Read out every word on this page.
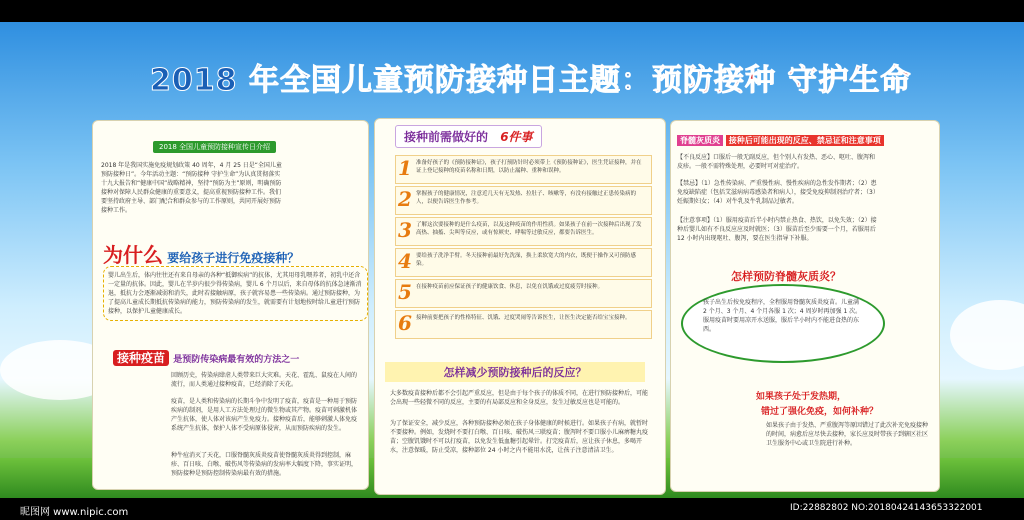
2018 年全国儿童预防接种日主题：预防接种 守护生命
2018 全国儿童预防接种宣传日介绍
2018 年是我国实施免疫规划政策 40 周年，4 月 25 日是“全国儿童预防接种日”。今年活动主题：“预防接种 守护生命”为认真贯彻落实十九大报告和“健康中国”战略精神，坚持“预防为主”原则，明确预防接种对保障人民群众健康的重要意义，提高重视预防接种工作。我们要坚持政府主导、部门配合和群众参与的工作原则，共同开展好预防接种工作。
为什么 要给孩子进行免疫接种？
婴儿出生后，体内往往还有来自母亲的各种“抵御疾病”的抗体，尤其用母乳喂养者，初乳中还含一定量的抗体。因此，婴儿在半岁内很少得传染病，婴儿 6 个月以后，来自母体的抗体急速渐消退，抵抗力会逐渐减弱和消失，此时若接触病原，孩子就容易患一些传染病。通过预防接种，为了提高儿童成长期抵抗传染病的能力，预防传染病的发生，就需要有计划地按时给儿童进行预防接种，以保护儿童健康成长。
接种疫苗 是预防传染病最有效的方法之一
回顾历史，传染病肆虐人类带来巨大灾难。天花、霍乱、鼠疫在人间的流行，而人类通过接种疫苗，已经消除了天花。
疫苗，是人类和传染病的长期斗争中发明了疫苗，疫苗是一种用于预防疾病的制剂，是用人工方法处理过的微生物或其产物。疫苗可刺激机体产生抗体，使人体对该病产生免疫力。接种疫苗后，能够刺激人体免疫系统产生抗体，保护人体不受病原体侵害，从而预防疾病的发生。
种牛痘消灭了天花，口服脊髓灰质炎疫苗使脊髓灰质炎得到控制，麻疹、百日咳、白喉、破伤风等传染病的发病率大幅度下降，事实证明，预防接种是预防控制传染病最有效的措施。
接种前需做好的 6件事
1 准备好孩子的《预防接种证》，孩子打预防针时必须带上《预防接种证》，医生凭证接种，并在证上登记接种的疫苗名称和日期，以防止漏种、重种和误种。
2 掌握孩子的健康情况，注意近几天有无发热、拉肚子、咳嗽等，有没有接触过正患传染病的人，以便告诉医生作参考。
3 了解这次要接种的是什么疫苗，以及这种疫苗的作用性质。如果孩子在前一次接种后出现了发高热、抽搐、尖叫等反应，或有惊厥史、哮喘等过敏反应，都要告诉医生。
4 要给孩子洗净手臂。冬天接种前最好先洗澡，换上柔软宽大的内衣，既便于操作又可预防感染。
5 在接种疫苗前应保证孩子的健康饮食、休息，以免在饥饿或过度疲劳时接种。
6 接种前要把孩子的性格特征、饥饿、过度哭闹等告诉医生，让医生决定能否给宝宝接种。
怎样减少预防接种后的反应？
大多数疫苗接种后都不会引起严重反应，但是由于每个孩子的体质不同，在进行预防接种后，可能会出现一些轻微不同的反应，主要的有局部反应和全身反应，发生过敏反应也是可能的。
为了保证安全，减少反应，各种预防接种必须在孩子身体健康的时候进行。如果孩子有病，就暂时不要接种。例如，发烧时不要打白喉、百日咳、破伤风三联疫苗；腹泻时不要口服小儿麻痹糖丸疫苗；空腹饥饿时不可以打疫苗，以免发生低血糖引起晕针。打完疫苗后，应让孩子休息，多喝开水，注意保暖，防止受凉，接种部位 24 小时之内不能用水洗，让孩子注意清洁卫生。
脊髓灰质炎 接种后可能出现的反应、禁忌证和注意事项
【不良反应】口服后一般无副反应，但个别人有发热、恶心、呕吐、腹泻和皮疹。一般不需特殊处理，必要时可对症治疗。
【禁忌】（1）急性传染病、严重慢性病、慢性疾病的急性发作期者；（2）患免疫缺陷症（包括艾滋病病毒感染者和病人），接受免疫抑制剂治疗者；（3）妊娠期妇女；（4）对牛乳及牛乳制品过敏者。
【注意事项】（1）服用疫苗后半小时内禁止热食、热饮，以免失效；（2）接种后婴儿如有不良反应应及时就医；（3）服苗后至少需要一个月，若服用后 12 小时内出现呕吐、腹泻，要在医生指导下补服。
怎样预防脊髓灰质炎？
孩子出生后按免疫程序，全程服用脊髓灰质炎疫苗。儿童满 2 个月、3 个月、4 个月各服 1 次；4 周岁时再加强 1 次。服用疫苗时要用凉开水送服，服后半小时内不能进食热的东西。
如果孩子处于发热期，
错过了强化免疫，如何补种？
如果孩子由于发热、严重腹泻等原因错过了此次补充免疫接种的时间，病愈后应尽快去接种，家长应及时带孩子到辖区社区卫生服务中心或卫生院进行补种。
昵图网 www.nipic.com	ID:22882802 NO:20180424143653322001
